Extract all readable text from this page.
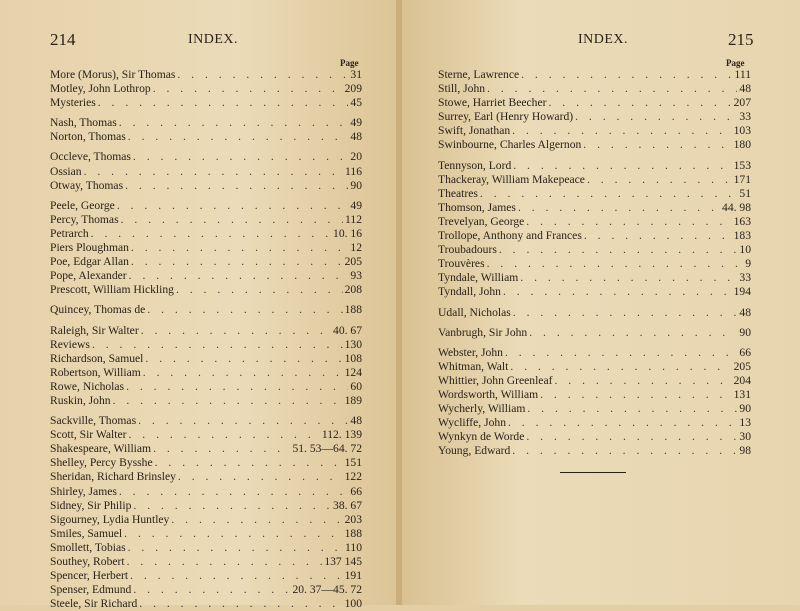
214	INDEX.
Page
More (Morus), Sir Thomas . . .	31
Motley, John Lothrop . . .	209
Mysteries . . .	45
Nash, Thomas . . .	49
Norton, Thomas . . .	48
Occleve, Thomas . . .	20
Ossian . . .	116
Otway, Thomas . . .	90
Peele, George . . .	49
Percy, Thomas . . .	112
Petrarch . . .	10. 16
Piers Ploughman . . .	12
Poe, Edgar Allan . . .	205
Pope, Alexander . . .	93
Prescott, William Hickling . . .	208
Quincey, Thomas de . . .	188
Raleigh, Sir Walter . . .	40. 67
Reviews . . .	130
Richardson, Samuel . . .	108
Robertson, William . . .	124
Rowe, Nicholas . . .	60
Ruskin, John . . .	189
Sackville, Thomas . . .	48
Scott, Sir Walter . . .	112. 139
Shakespeare, William . . .	51. 53—64. 72
Shelley, Percy Bysshe . . .	151
Sheridan, Richard Brinsley . . .	122
Shirley, James . . .	66
Sidney, Sir Philip . . .	38. 67
Sigourney, Lydia Huntley . . .	203
Smiles, Samuel . . .	188
Smollett, Tobias . . .	110
Southey, Robert . . .	137 145
Spencer, Herbert . . .	191
Spenser, Edmund . . .	20. 37—45. 72
Steele, Sir Richard . . .	100
INDEX.	215
Page
Sterne, Lawrence . . .	111
Still, John . . .	48
Stowe, Harriet Beecher . . .	207
Surrey, Earl (Henry Howard) . . .	33
Swift, Jonathan . . .	103
Swinbourne, Charles Algernon . . .	180
Tennyson, Lord . . .	153
Thackeray, William Makepeace . . .	171
Theatres . . .	51
Thomson, James . . .	44. 98
Trevelyan, George . . .	163
Trollope, Anthony and Frances . . .	183
Troubadours . . .	10
Trouvères . . .	9
Tyndale, William . . .	33
Tyndall, John . . .	194
Udall, Nicholas . . .	48
Vanbrugh, Sir John . . .	90
Webster, John . . .	66
Whitman, Walt . . .	205
Whittier, John Greenleaf . . .	204
Wordsworth, William . . .	131
Wycherly, William . . .	90
Wycliffe, John . . .	13
Wynkyn de Worde . . .	30
Young, Edward . . .	98
